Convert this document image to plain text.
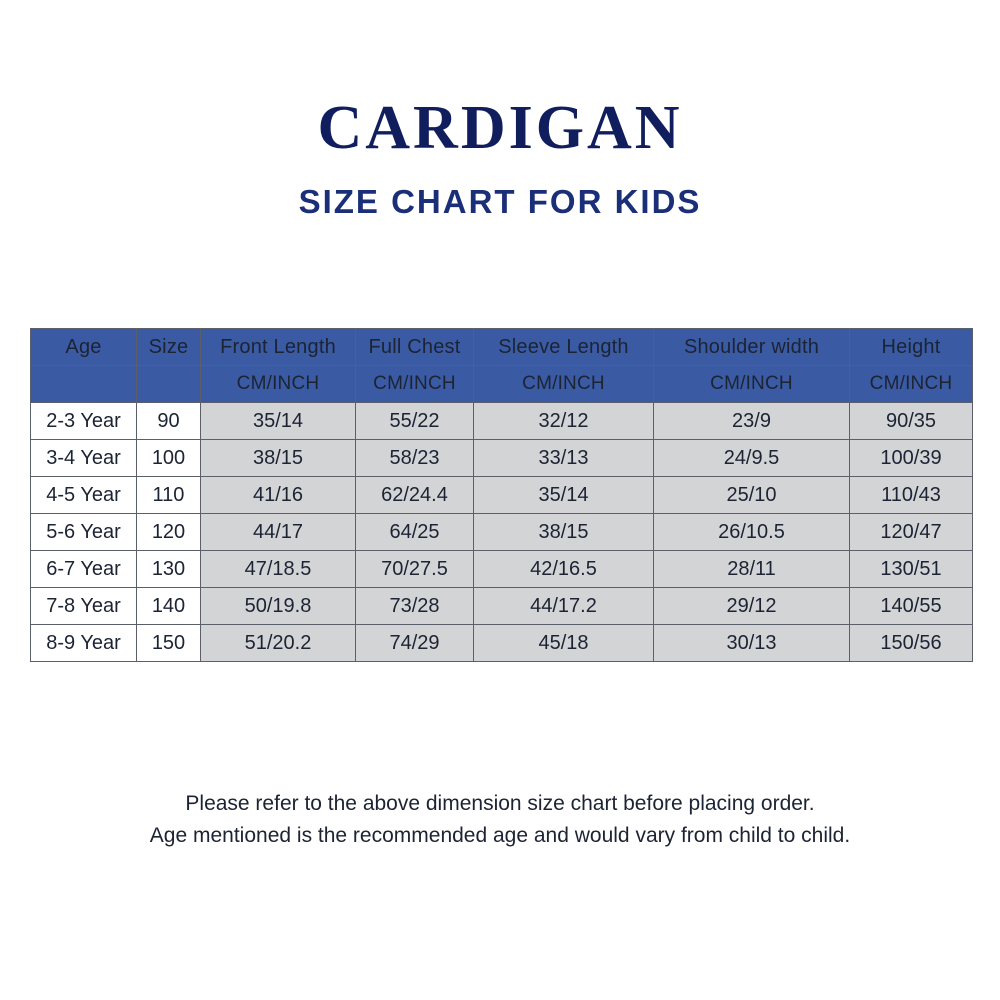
CARDIGAN
SIZE CHART FOR KIDS
Age	Size	Front Length	Full Chest	Sleeve Length	Shoulder width	Height
		CM/INCH	CM/INCH	CM/INCH	CM/INCH	CM/INCH
2-3 Year	90	35/14	55/22	32/12	23/9	90/35
3-4 Year	100	38/15	58/23	33/13	24/9.5	100/39
4-5 Year	110	41/16	62/24.4	35/14	25/10	110/43
5-6 Year	120	44/17	64/25	38/15	26/10.5	120/47
6-7 Year	130	47/18.5	70/27.5	42/16.5	28/11	130/51
7-8 Year	140	50/19.8	73/28	44/17.2	29/12	140/55
8-9 Year	150	51/20.2	74/29	45/18	30/13	150/56
Please refer to the above dimension size chart before placing order.
Age mentioned is the recommended age and would vary from child to child.
